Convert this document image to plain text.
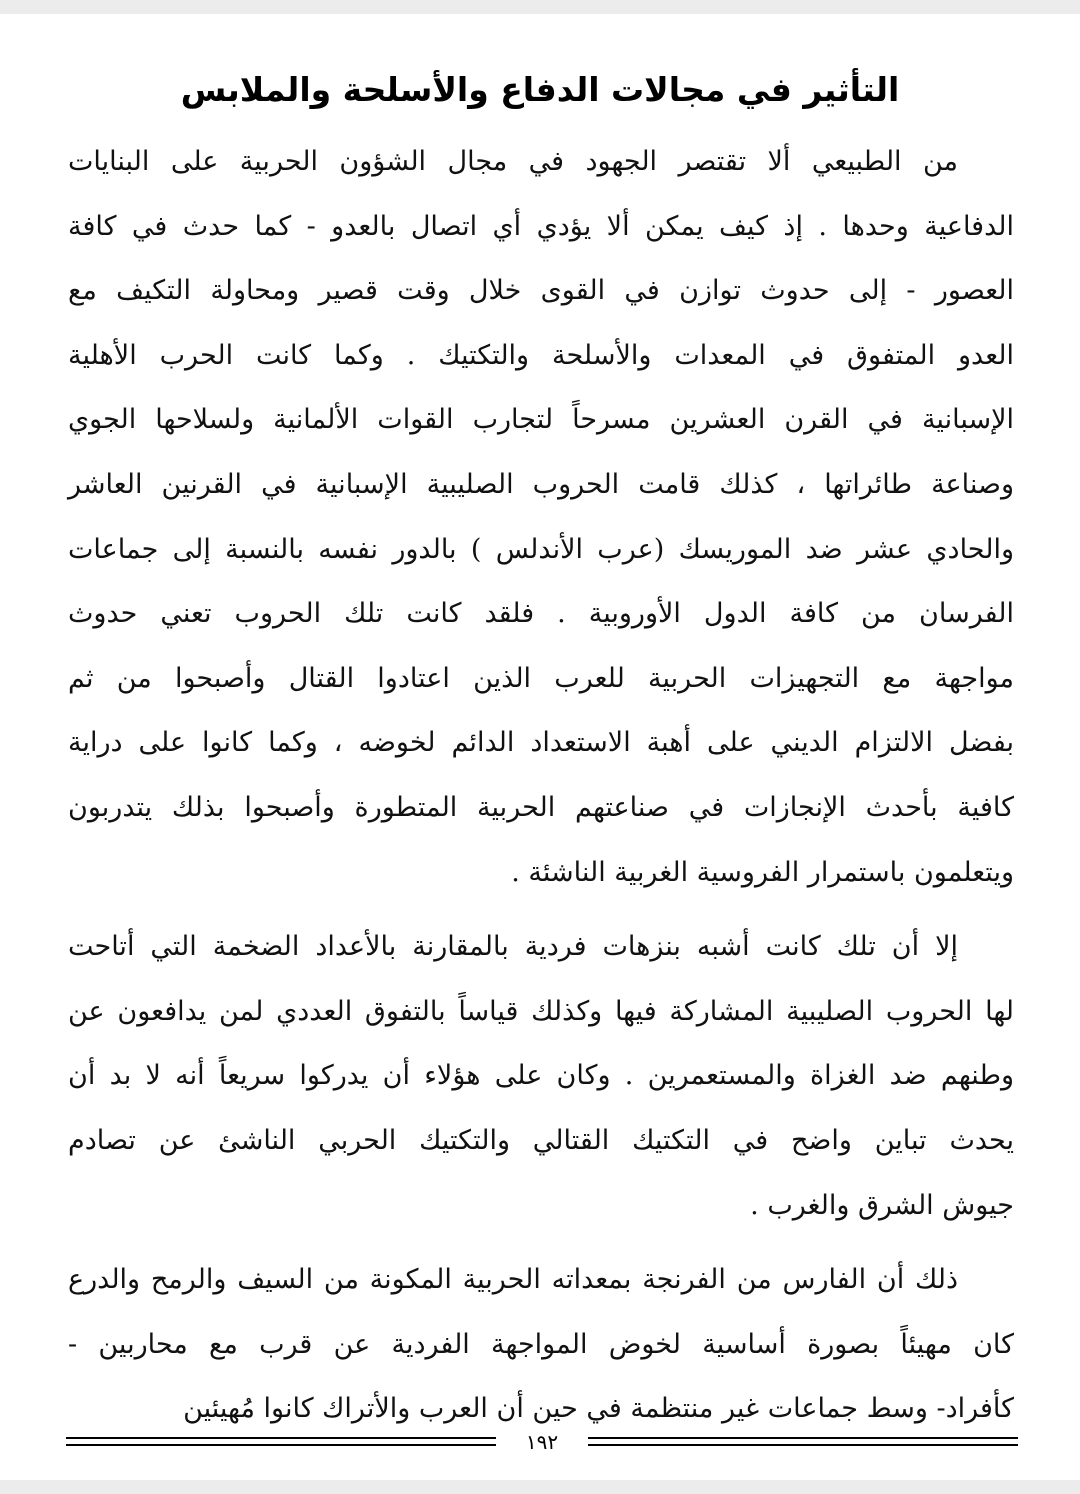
التأثير في مجالات الدفاع والأسلحة والملابس
من الطبيعي ألا تقتصر الجهود في مجال الشؤون الحربية على البنايات
الدفاعية وحدها . إذ كيف يمكن ألا يؤدي أي اتصال بالعدو - كما حدث في كافة
العصور - إلى حدوث توازن في القوى خلال وقت قصير ومحاولة التكيف مع
العدو المتفوق في المعدات والأسلحة والتكتيك . وكما كانت الحرب الأهلية
الإسبانية في القرن العشرين مسرحاً لتجارب القوات الألمانية ولسلاحها الجوي
وصناعة طائراتها ، كذلك قامت الحروب الصليبية الإسبانية في القرنين العاشر
والحادي عشر ضد الموريسك (عرب الأندلس ) بالدور نفسه بالنسبة إلى جماعات
الفرسان من كافة الدول الأوروبية . فلقد كانت تلك الحروب تعني حدوث
مواجهة مع التجهيزات الحربية للعرب الذين اعتادوا القتال وأصبحوا من ثم
بفضل الالتزام الديني على أهبة الاستعداد الدائم لخوضه ، وكما كانوا على دراية
كافية بأحدث الإنجازات في صناعتهم الحربية المتطورة وأصبحوا بذلك يتدربون
ويتعلمون باستمرار الفروسية الغربية الناشئة .
إلا أن تلك كانت أشبه بنزهات فردية بالمقارنة بالأعداد الضخمة التي أتاحت
لها الحروب الصليبية المشاركة فيها وكذلك قياساً بالتفوق العددي لمن يدافعون عن
وطنهم ضد الغزاة والمستعمرين . وكان على هؤلاء أن يدركوا سريعاً أنه لا بد أن
يحدث تباين واضح في التكتيك القتالي والتكتيك الحربي الناشئ عن تصادم
جيوش الشرق والغرب .
ذلك أن الفارس من الفرنجة بمعداته الحربية المكونة من السيف والرمح والدرع
كان مهيئاً بصورة أساسية لخوض المواجهة الفردية عن قرب مع محاربين -
كأفراد- وسط جماعات غير منتظمة في حين أن العرب والأتراك كانوا مُهيئين
١٩٢
